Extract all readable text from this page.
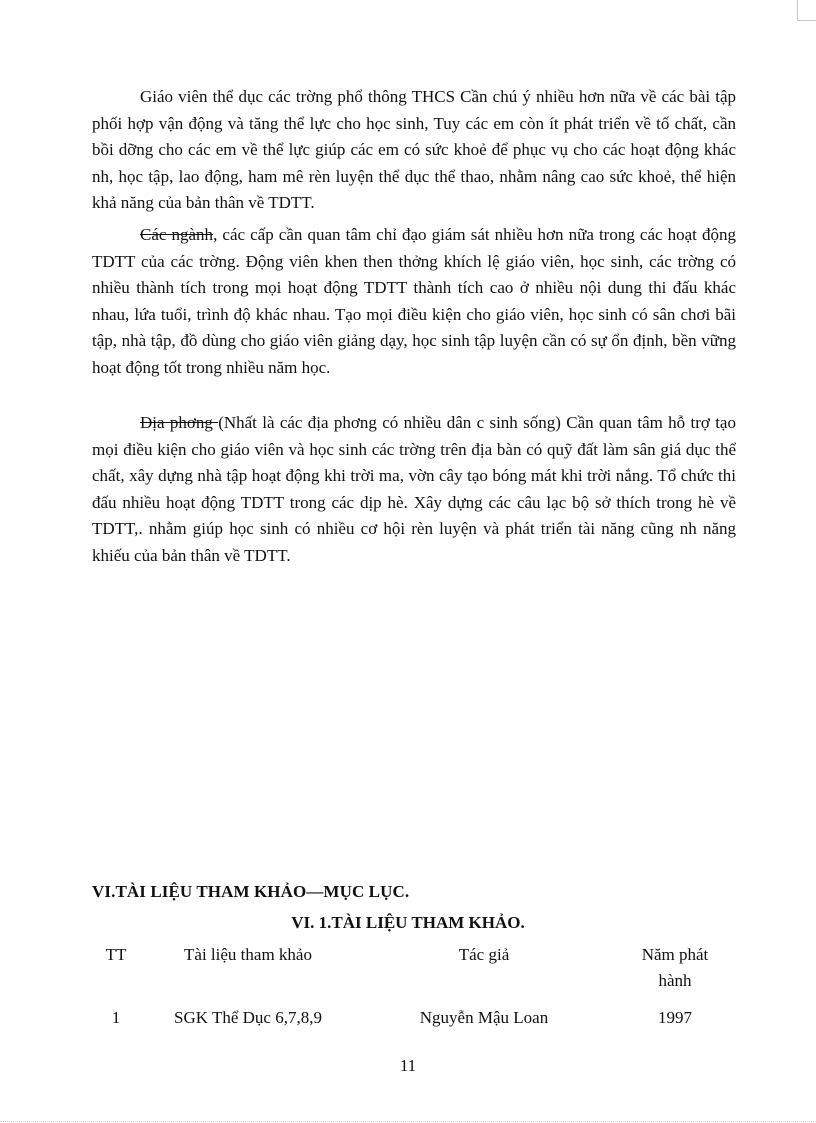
Giáo viên thể dục các trờng phổ thông THCS Cần chú ý nhiều hơn nữa về các bài tập phối hợp vận động và tăng thể lực cho học sinh, Tuy các em còn ít phát triển về tố chất, cần bồi dỡng cho các em về thể lực giúp các em có sức khoẻ để phục vụ cho các hoạt động khác nh, học tập, lao động, ham mê rèn luyện thể dục thể thao, nhằm nâng cao sức khoẻ, thể hiện khả năng của bản thân về TDTT.

Các ngành, các cấp cần quan tâm chỉ đạo giám sát nhiều hơn nữa trong các hoạt động TDTT của các trờng. Động viên khen then thởng khích lệ giáo viên, học sinh, các trờng có nhiều thành tích trong mọi hoạt động TDTT thành tích cao ở nhiều nội dung thi đấu khác nhau, lứa tuổi, trình độ khác nhau. Tạo mọi điều kiện cho giáo viên, học sinh có sân chơi bãi tập, nhà tập, đồ dùng cho giáo viên giảng dạy, học sinh tập luyện cần có sự ổn định, bền vững hoạt động tốt trong nhiều năm học.

Địa phơng (Nhất là các địa phơng có nhiều dân c sinh sống) Cần quan tâm hỗ trợ tạo mọi điều kiện cho giáo viên và học sinh các trờng trên địa bàn có quỹ đất làm sân giá dục thể chất, xây dựng nhà tập hoạt động khi trời ma, vờn cây tạo bóng mát khi trời nắng. Tổ chức thi đấu nhiều hoạt động TDTT trong các dịp hè. Xây dựng các câu lạc bộ sở thích trong hè về TDTT,. nhằm giúp học sinh có nhiều cơ hội rèn luyện và phát triển tài năng cũng nh năng khiếu của bản thân về TDTT.

VI.TÀI LIỆU THAM KHẢO—MỤC LỤC.
VI. 1.TÀI LIỆU THAM KHẢO.
TT	Tài liệu tham khảo	Tác giả	Năm phát
hành
1	SGK Thể Dục 6,7,8,9	Nguyễn Mậu Loan	1997

11
